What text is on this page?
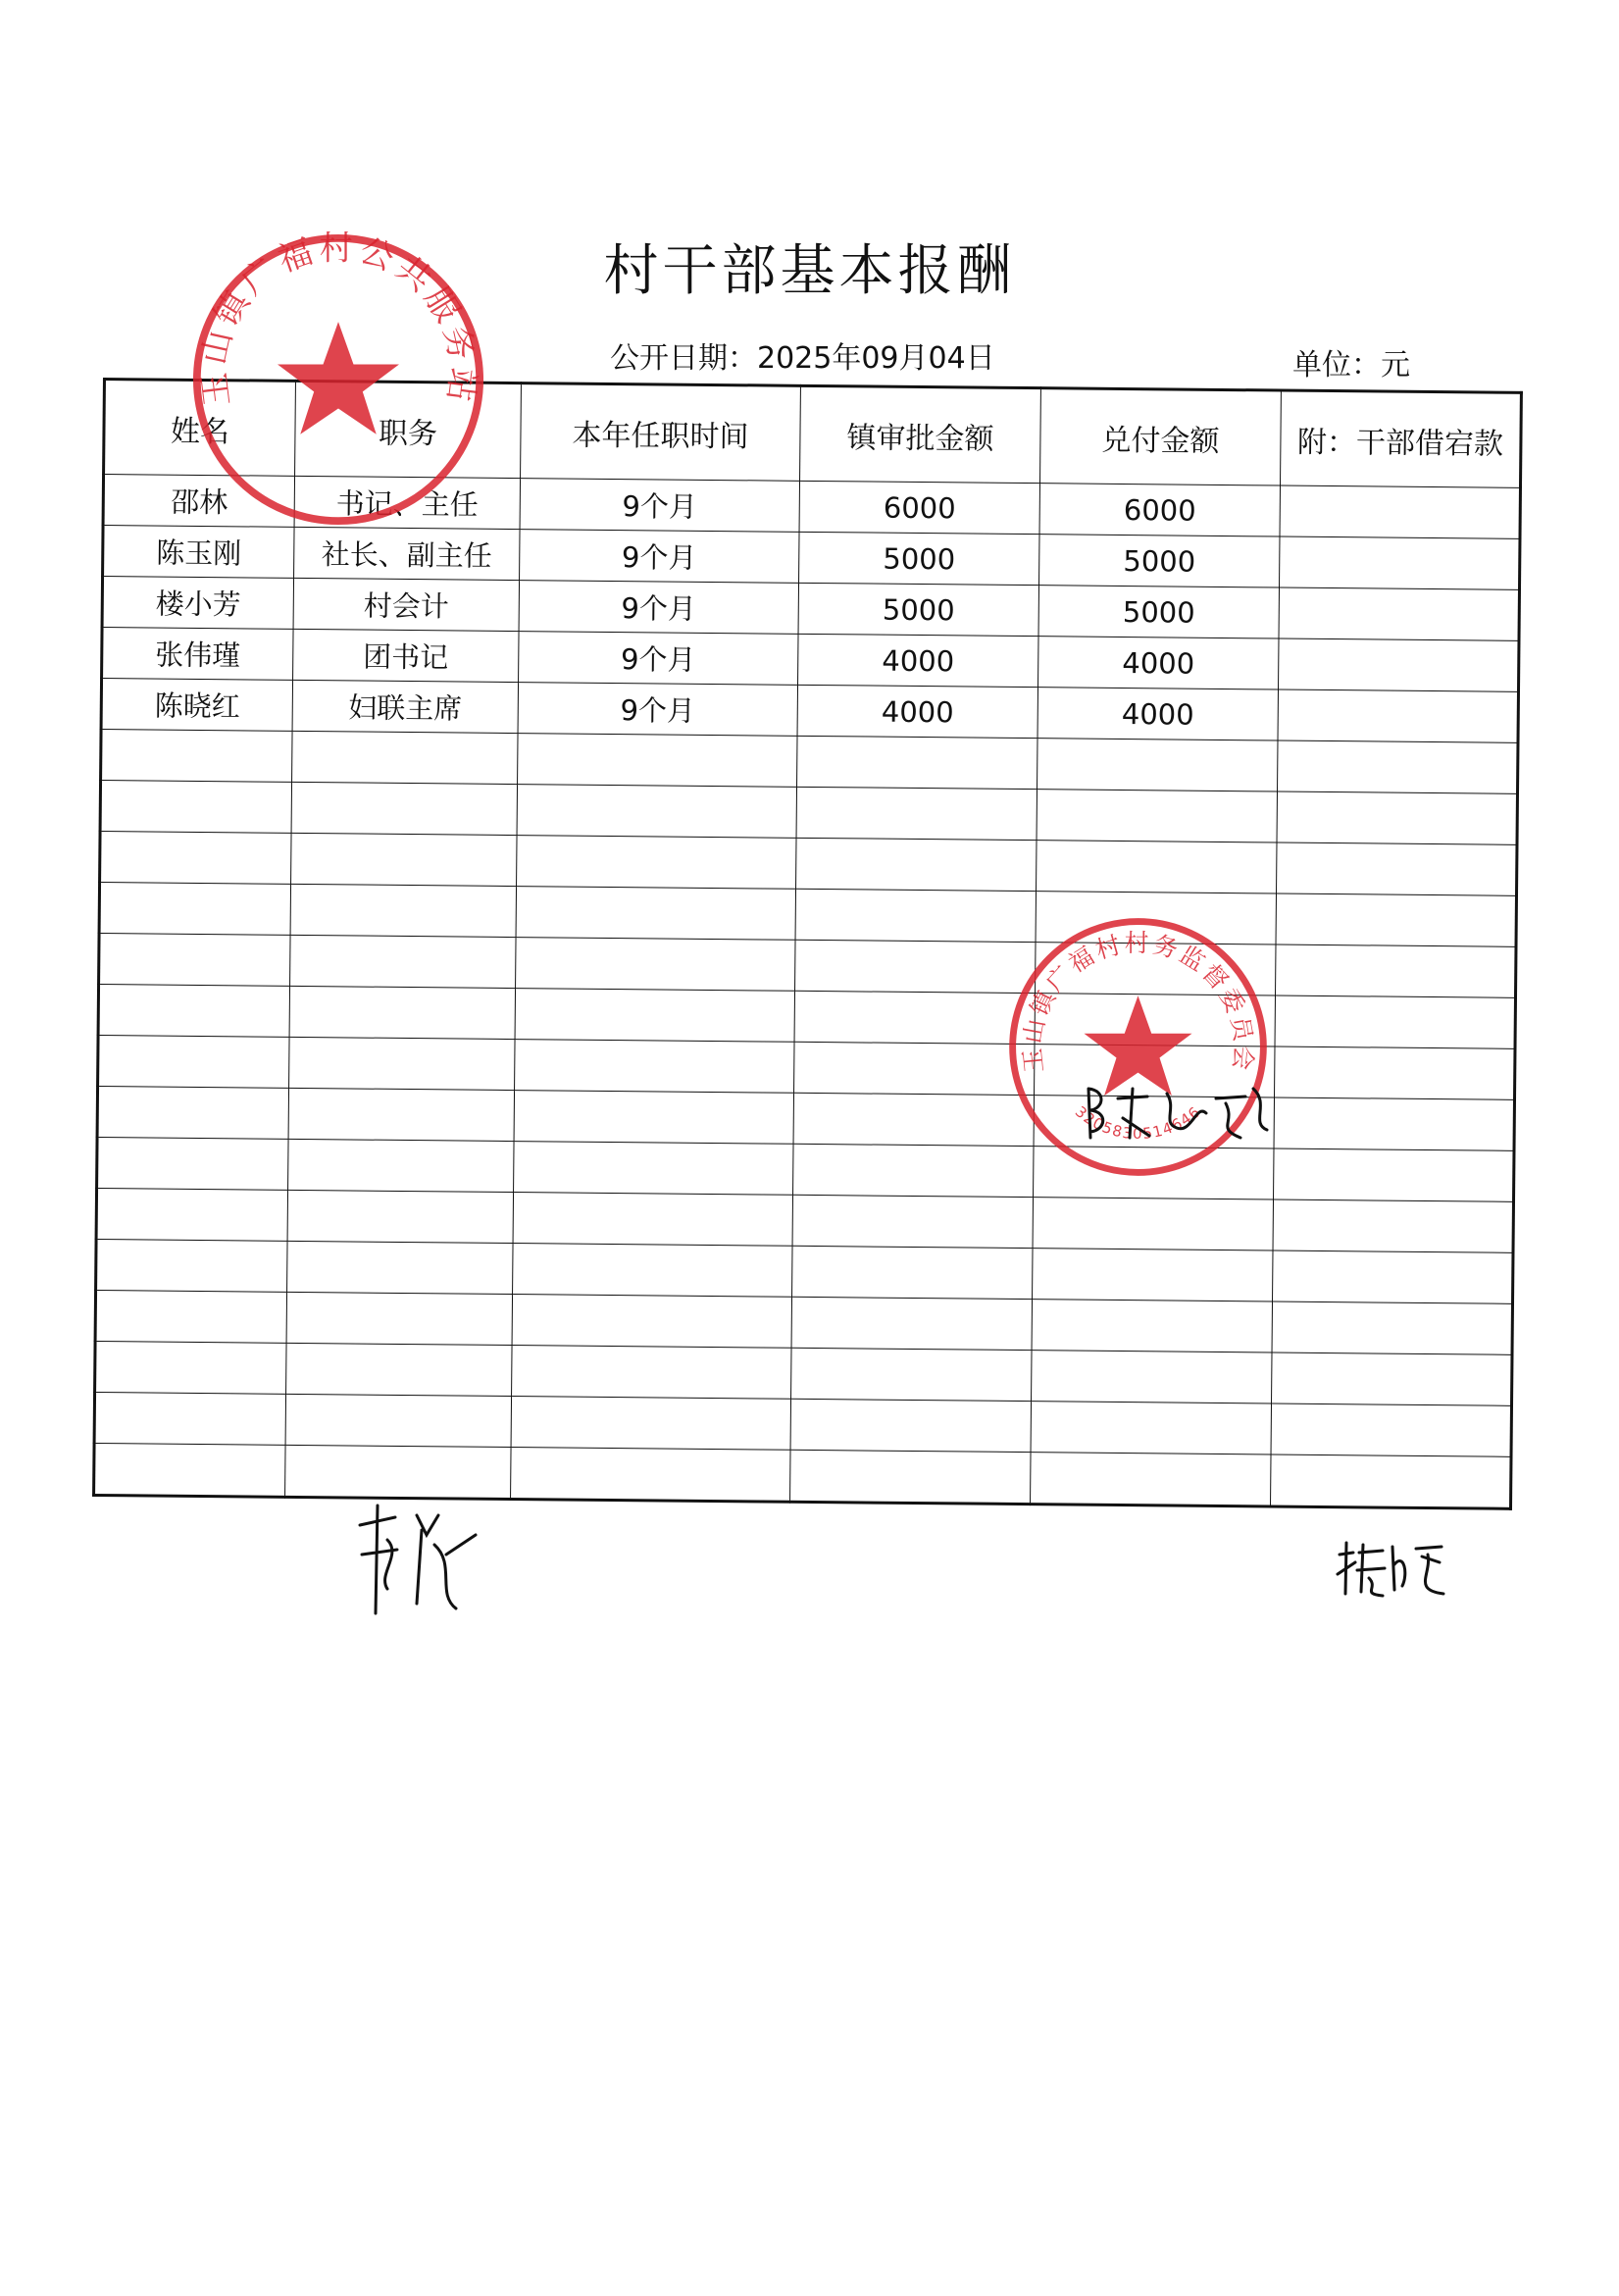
村干部基本报酬
公开日期：2025年09月04日	单位：元
姓名	职务	本年任职时间	镇审批金额	兑付金额	附：干部借宕款
邵林	书记、主任	9个月	6000	6000	
陈玉刚	社长、副主任	9个月	5000	5000	
楼小芳	村会计	9个月	5000	5000	
张伟瑾	团书记	9个月	4000	4000	
陈晓红	妇联主席	9个月	4000	4000	

玉山镇广福村公共服务站
玉山镇广福村村务监督委员会
3205830514646
